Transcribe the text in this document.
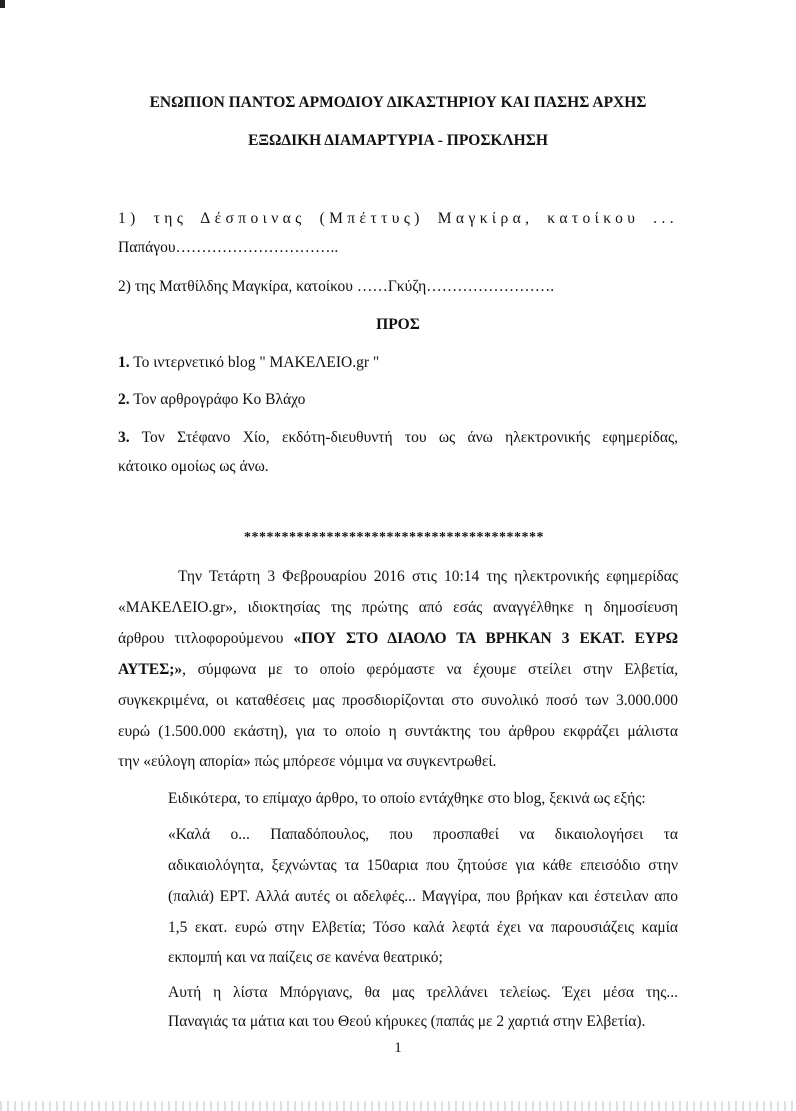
ΕΝΩΠΙΟΝ ΠΑΝΤΟΣ ΑΡΜΟΔΙΟΥ ΔΙΚΑΣΤΗΡΙΟΥ ΚΑΙ ΠΑΣΗΣ ΑΡΧΗΣ

ΕΞΩΔΙΚΗ ΔΙΑΜΑΡΤΥΡΙΑ - ΠΡΟΣΚΛΗΣΗ

1) της Δέσποινας (Μπέττυς) Μαγκίρα, κατοίκου ...

Παπάγου…………………………..

2) της Ματθίλδης Μαγκίρα, κατοίκου ……Γκύζη…………………….

ΠΡΟΣ

1. Το ιντερνετικό blog " ΜΑΚΕΛΕΙΟ.gr "

2. Τον αρθρογράφο Κο Βλάχο

3. Τον Στέφανο Χίο, εκδότη-διευθυντή του ως άνω ηλεκτρονικής εφημερίδας,

κάτοικο ομοίως ως άνω.

****************************************

Την Τετάρτη 3 Φεβρουαρίου 2016 στις 10:14 της ηλεκτρονικής εφημερίδας

«ΜΑΚΕΛΕΙΟ.gr», ιδιοκτησίας της πρώτης από εσάς αναγγέλθηκε η δημοσίευση

άρθρου τιτλοφορούμενου «ΠΟΥ ΣΤΟ ΔΙΑΟΛΟ ΤΑ ΒΡΗΚΑΝ 3 ΕΚΑΤ. ΕΥΡΩ

ΑΥΤΕΣ;», σύμφωνα με το οποίο φερόμαστε να έχουμε στείλει στην Ελβετία,

συγκεκριμένα, οι καταθέσεις μας προσδιορίζονται στο συνολικό ποσό των 3.000.000

ευρώ (1.500.000 εκάστη), για το οποίο η συντάκτης του άρθρου εκφράζει μάλιστα

την «εύλογη απορία» πώς μπόρεσε νόμιμα να συγκεντρωθεί.

Ειδικότερα, το επίμαχο άρθρο, το οποίο εντάχθηκε στο blog, ξεκινά ως εξής:

«Καλά ο... Παπαδόπουλος, που προσπαθεί να δικαιολογήσει τα

αδικαιολόγητα, ξεχνώντας τα 150αρια που ζητούσε για κάθε επεισόδιο στην

(παλιά) ΕΡΤ. Αλλά αυτές οι αδελφές... Μαγγίρα, που βρήκαν και έστειλαν απο

1,5 εκατ. ευρώ στην Ελβετία; Τόσο καλά λεφτά έχει να παρουσιάζεις καμία

εκπομπή και να παίζεις σε κανένα θεατρικό;

Αυτή η λίστα Μπόργιανς, θα μας τρελλάνει τελείως. Έχει μέσα της...

Παναγιάς τα μάτια και του Θεού κήρυκες (παπάς με 2 χαρτιά στην Ελβετία).

1
